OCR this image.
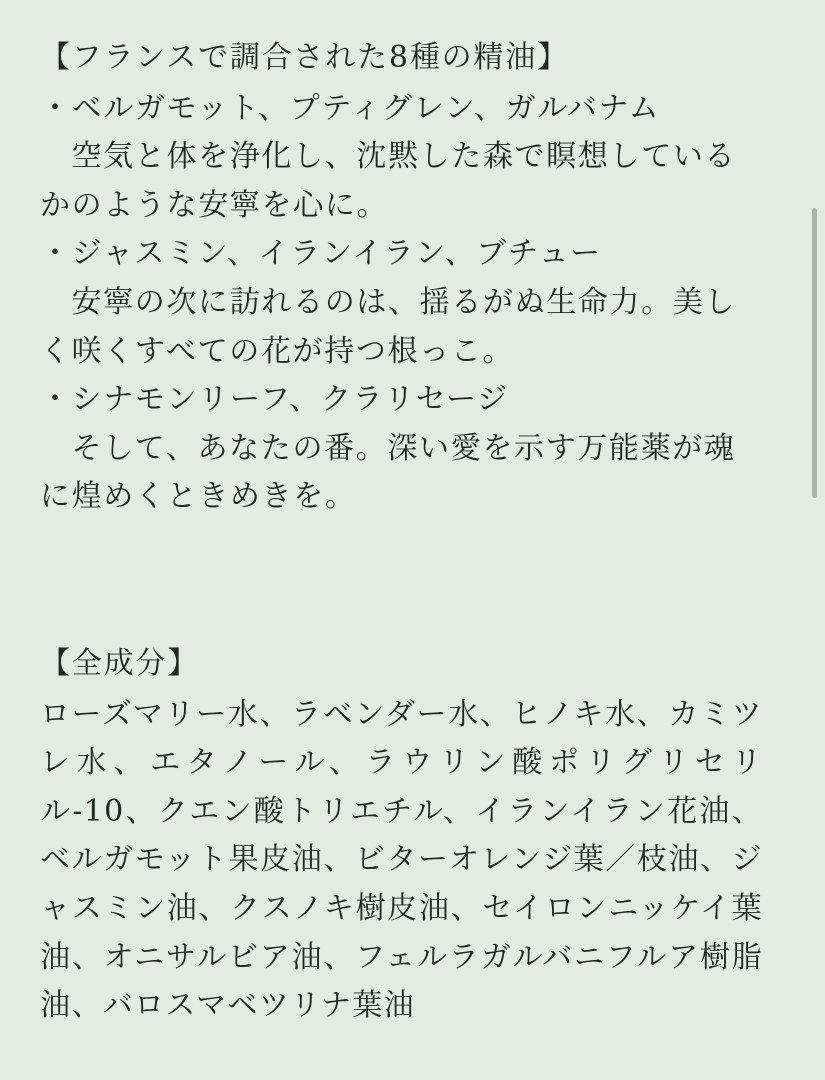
【フランスで調合された8種の精油】

・ベルガモット、プティグレン、ガルバナム

空気と体を浄化し、沈黙した森で瞑想しているかのような安寧を心に。

・ジャスミン、イランイラン、ブチュー

安寧の次に訪れるのは、揺るがぬ生命力。美しく咲くすべての花が持つ根っこ。

・シナモンリーフ、クラリセージ

そして、あなたの番。深い愛を示す万能薬が魂に煌めくときめきを。

【全成分】

ローズマリー水、ラベンダー水、ヒノキ水、カミツレ水、エタノール、ラウリン酸ポリグリセリル-10、クエン酸トリエチル、イランイラン花油、ベルガモット果皮油、ビターオレンジ葉／枝油、ジャスミン油、クスノキ樹皮油、セイロンニッケイ葉油、オニサルビア油、フェルラガルバニフルア樹脂油、バロスマベツリナ葉油
